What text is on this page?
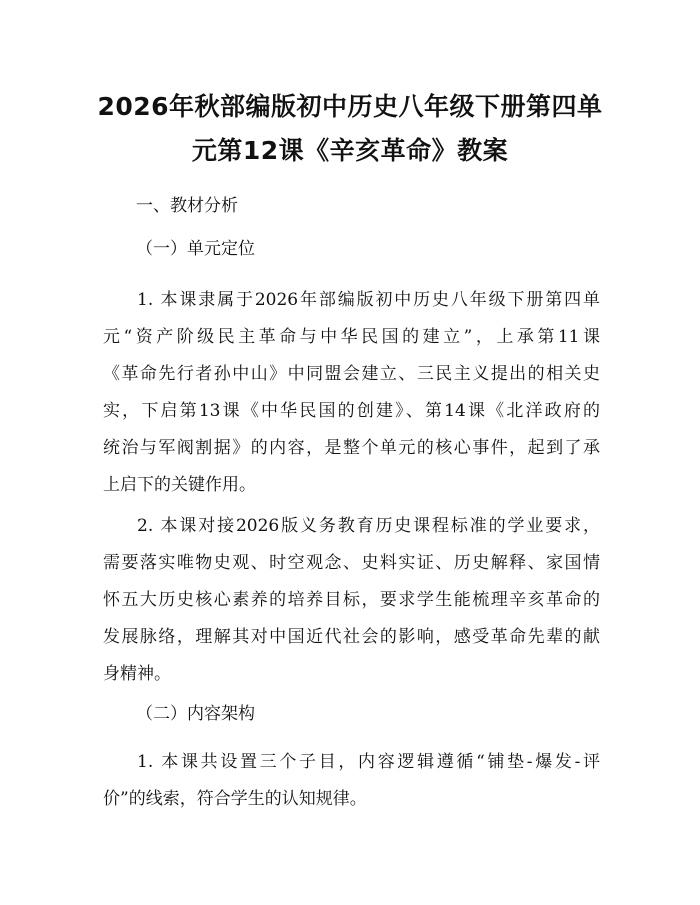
2026年秋部编版初中历史八年级下册第四单
元第12课《辛亥革命》教案
一、教材分析
（一）单元定位
1. 本课隶属于2026年部编版初中历史八年级下册第四单
元“资产阶级民主革命与中华民国的建立”，上承第11课
《革命先行者孙中山》中同盟会建立、三民主义提出的相关史
实，下启第13课《中华民国的创建》、第14课《北洋政府的
统治与军阀割据》的内容，是整个单元的核心事件，起到了承
上启下的关键作用。
2. 本课对接2026版义务教育历史课程标准的学业要求，
需要落实唯物史观、时空观念、史料实证、历史解释、家国情
怀五大历史核心素养的培养目标，要求学生能梳理辛亥革命的
发展脉络，理解其对中国近代社会的影响，感受革命先辈的献
身精神。
（二）内容架构
1. 本课共设置三个子目，内容逻辑遵循“铺垫-爆发-评
价”的线索，符合学生的认知规律。
